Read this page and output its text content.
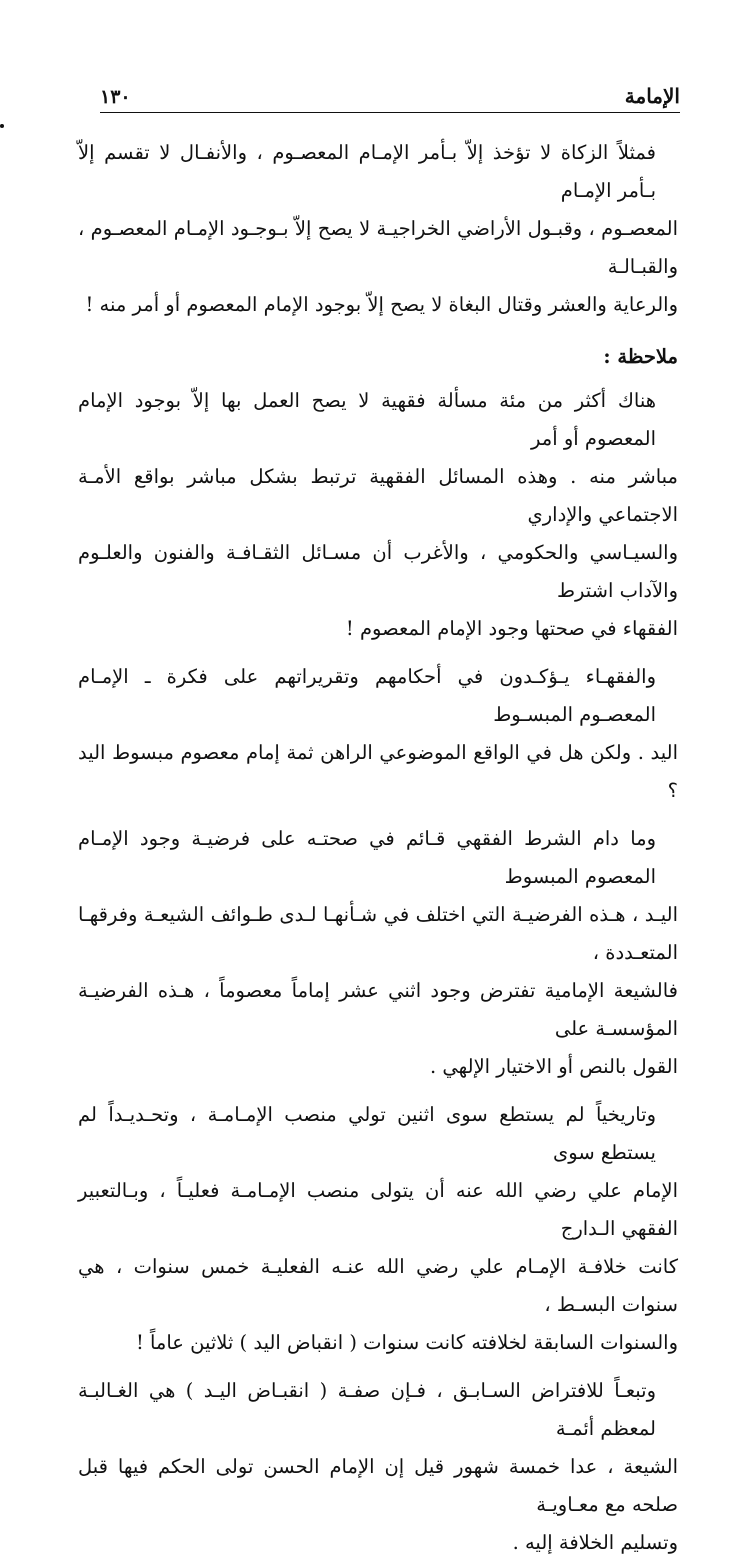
الإمامة
١٣٠

فمثلاً الزكاة لا تؤخذ إلاّ بـأمر الإمـام المعصـوم ، والأنفـال لا تقسم إلاّ بـأمر الإمـام
المعصـوم ، وقبـول الأراضي الخراجيـة لا يصح إلاّ بـوجـود الإمـام المعصـوم ، والقبـالـة
والرعاية والعشر وقتال البغاة لا يصح إلاّ بوجود الإمام المعصوم أو أمر منه !

ملاحظة :

هناك أكثر من مئة مسألة فقهية لا يصح العمل بها إلاّ بوجود الإمام المعصوم أو أمر
مباشر منه . وهذه المسائل الفقهية ترتبط بشكل مباشر بواقع الأمـة الاجتماعي والإداري
والسيـاسي والحكومي ، والأغرب أن مسـائل الثقـافـة والفنون والعلـوم والآداب اشترط
الفقهاء في صحتها وجود الإمام المعصوم !

والفقهـاء يـؤكـدون في أحكامهم وتقريراتهم على فكرة ـ الإمـام المعصـوم المبسـوط
اليد . ولكن هل في الواقع الموضوعي الراهن ثمة إمام معصوم مبسوط اليد ؟

وما دام الشرط الفقهي قـائم في صحتـه على فرضيـة وجود الإمـام المعصوم المبسوط
اليـد ، هـذه الفرضيـة التي اختلف في شـأنهـا لـدى طـوائف الشيعـة وفرقهـا المتعـددة ،
فالشيعة الإمامية تفترض وجود اثني عشر إماماً معصوماً ، هـذه الفرضيـة المؤسسـة على
القول بالنص أو الاختيار الإلهي .

وتاريخياً لم يستطع سوى اثنين تولي منصب الإمـامـة ، وتحـديـداً لم يستطع سوى
الإمام علي رضي الله عنه أن يتولى منصب الإمـامـة فعليـاً ، وبـالتعبير الفقهي الـدارج
كانت خلافـة الإمـام علي رضي الله عنـه الفعليـة خمس سنوات ، هي سنوات البسـط ،
والسنوات السابقة لخلافته كانت سنوات ( انقباض اليد ) ثلاثين عاماً !

وتبعـاً للافتراض السـابـق ، فـإن صفـة ( انقبـاض اليـد ) هي الغـالبـة لمعظم أئمـة
الشيعة ، عدا خمسة شهور قيل إن الإمام الحسن تولى الحكم فيها قبل صلحه مع معـاويـة
وتسليم الخلافة إليه .
